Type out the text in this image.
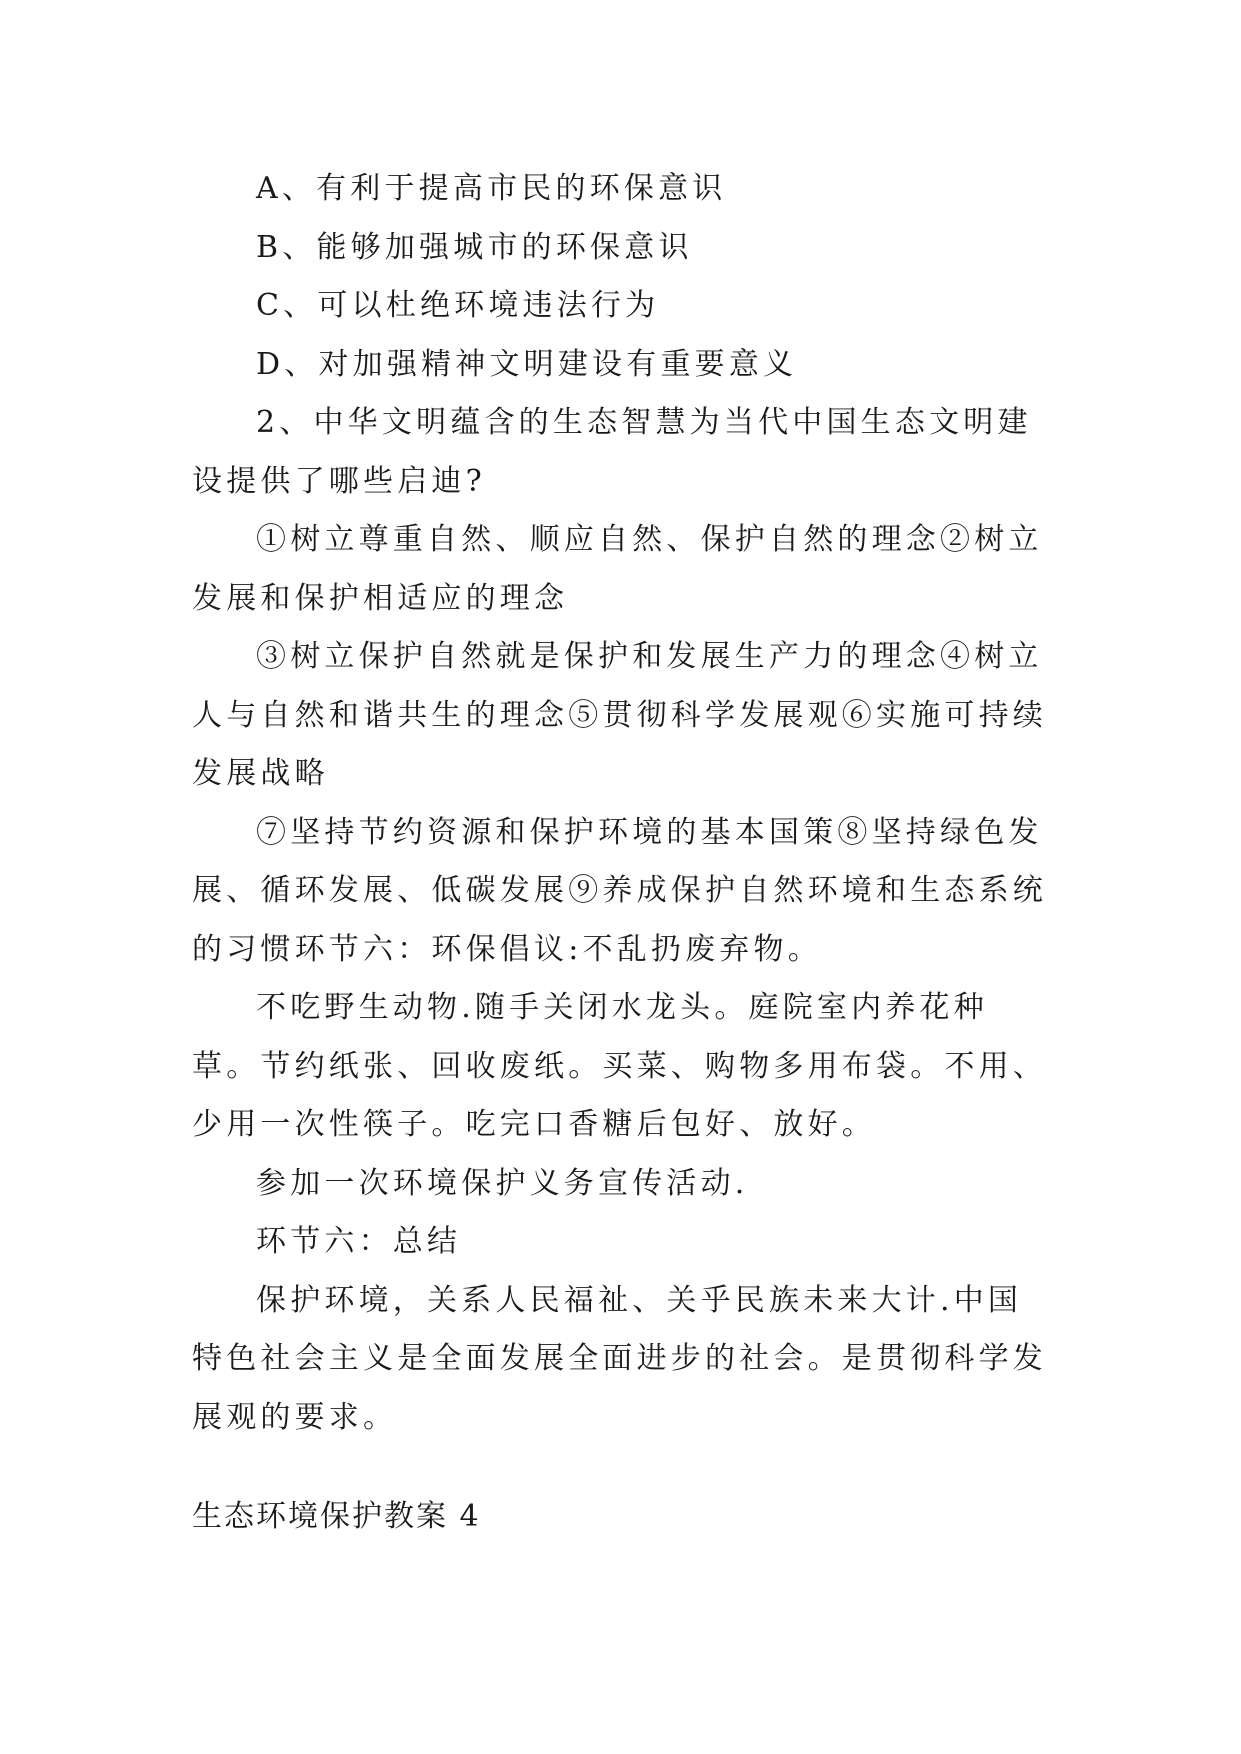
A、有利于提高市民的环保意识

B、能够加强城市的环保意识

C、可以杜绝环境违法行为

D、对加强精神文明建设有重要意义

2、中华文明蕴含的生态智慧为当代中国生态文明建设提供了哪些启迪?

①树立尊重自然、顺应自然、保护自然的理念②树立发展和保护相适应的理念

③树立保护自然就是保护和发展生产力的理念④树立人与自然和谐共生的理念⑤贯彻科学发展观⑥实施可持续发展战略

⑦坚持节约资源和保护环境的基本国策⑧坚持绿色发展、循环发展、低碳发展⑨养成保护自然环境和生态系统的习惯环节六：环保倡议:不乱扔废弃物。

不吃野生动物.随手关闭水龙头。庭院室内养花种草。节约纸张、回收废纸。买菜、购物多用布袋。不用、少用一次性筷子。吃完口香糖后包好、放好。

参加一次环境保护义务宣传活动.

环节六：总结

保护环境，关系人民福祉、关乎民族未来大计.中国特色社会主义是全面发展全面进步的社会。是贯彻科学发展观的要求。

生态环境保护教案 4
